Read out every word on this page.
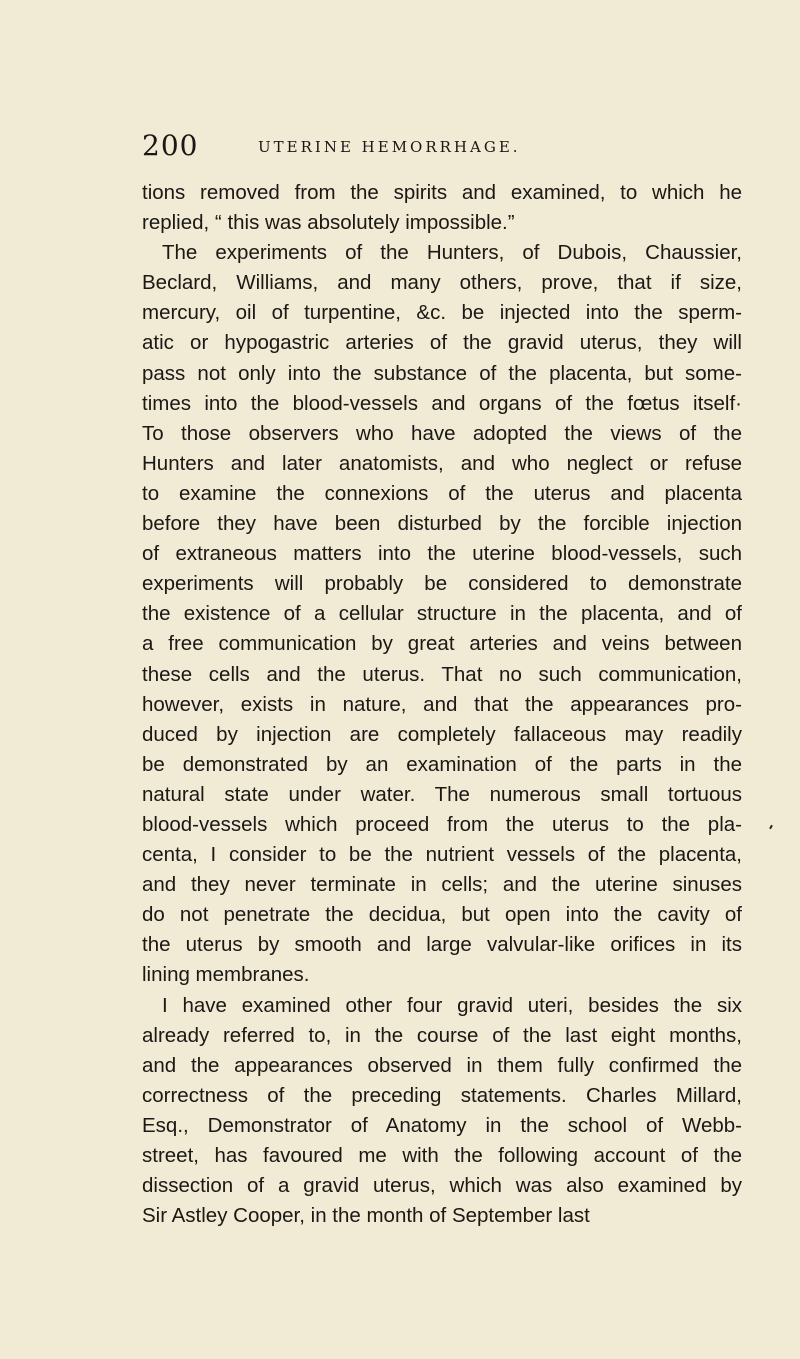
200	UTERINE HEMORRHAGE.
tions removed from the spirits and examined, to which he
replied, “ this was absolutely impossible.”
The experiments of the Hunters, of Dubois, Chaussier,
Beclard, Williams, and many others, prove, that if size,
mercury, oil of turpentine, &c. be injected into the sperm-
atic or hypogastric arteries of the gravid uterus, they will
pass not only into the substance of the placenta, but some-
times into the blood-vessels and organs of the fœtus itself·
To those observers who have adopted the views of the
Hunters and later anatomists, and who neglect or refuse
to examine the connexions of the uterus and placenta
before they have been disturbed by the forcible injection
of extraneous matters into the uterine blood-vessels, such
experiments will probably be considered to demonstrate
the existence of a cellular structure in the placenta, and of
a free communication by great arteries and veins between
these cells and the uterus. That no such communication,
however, exists in nature, and that the appearances pro-
duced by injection are completely fallaceous may readily
be demonstrated by an examination of the parts in the
natural state under water. The numerous small tortuous
blood-vessels which proceed from the uterus to the pla-
centa, I consider to be the nutrient vessels of the placenta,
and they never terminate in cells; and the uterine sinuses
do not penetrate the decidua, but open into the cavity of
the uterus by smooth and large valvular-like orifices in its
lining membranes.
I have examined other four gravid uteri, besides the six
already referred to, in the course of the last eight months,
and the appearances observed in them fully confirmed the
correctness of the preceding statements. Charles Millard,
Esq., Demonstrator of Anatomy in the school of Webb-
street, has favoured me with the following account of the
dissection of a gravid uterus, which was also examined by
Sir Astley Cooper, in the month of September last
